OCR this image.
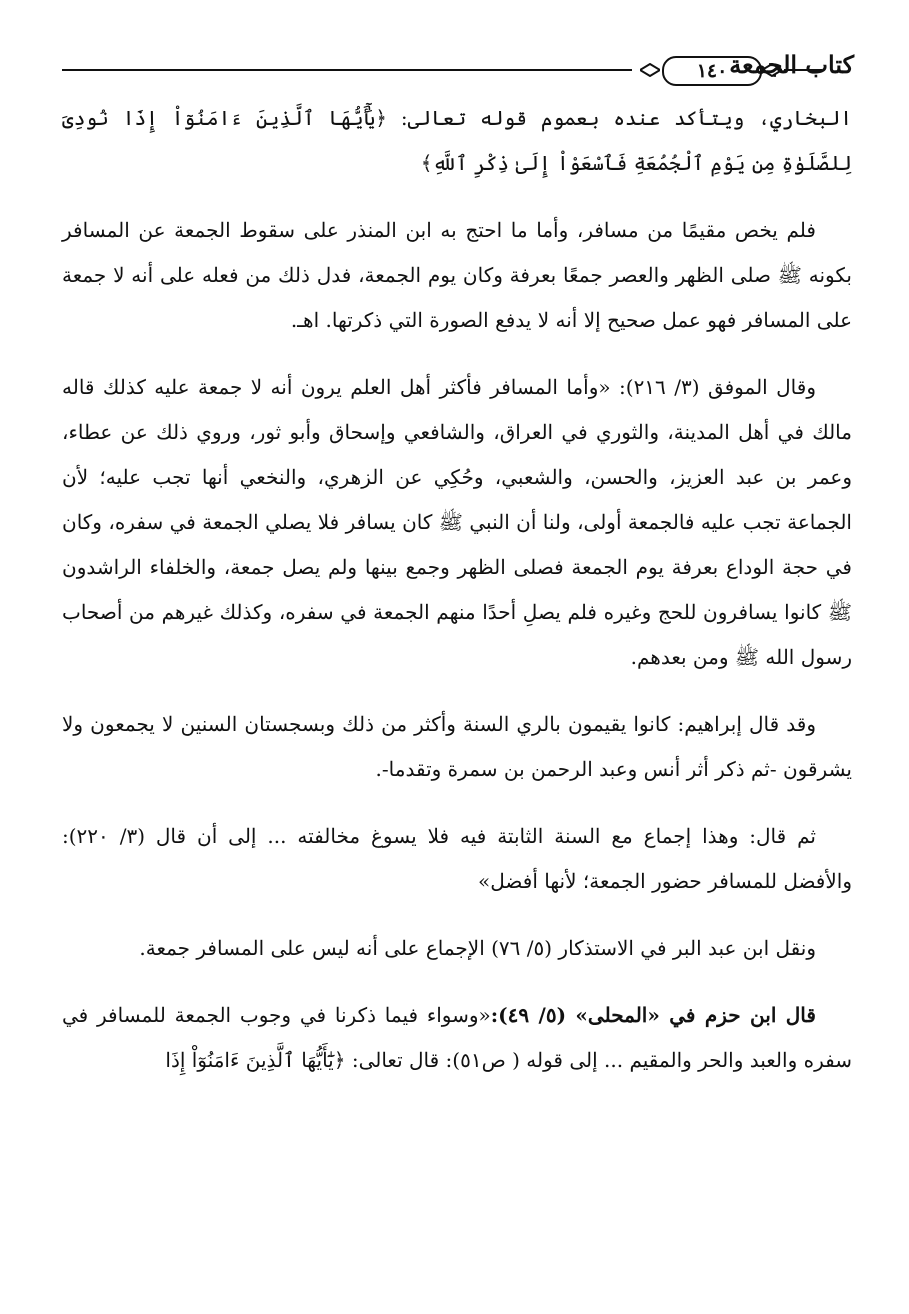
١٤٠ كتاب الجمعة

البخاري، ويتأكد عنده بعموم قوله تعالى: ﴿يَٰٓأَيُّهَا ٱلَّذِينَ ءَامَنُوٓاْ إِذَا نُودِىَ لِلصَّلَوٰةِ مِن يَوْمِ ٱلْجُمُعَةِ فَٱسْعَوْاْ إِلَىٰ ذِكْرِ ٱللَّهِ﴾

فلم يخص مقيمًا من مسافر، وأما ما احتج به ابن المنذر على سقوط الجمعة عن المسافر بكونه ﷺ صلى الظهر والعصر جمعًا بعرفة وكان يوم الجمعة، فدل ذلك من فعله على أنه لا جمعة على المسافر فهو عمل صحيح إلا أنه لا يدفع الصورة التي ذكرتها. اهـ.

وقال الموفق (٣/ ٢١٦): «وأما المسافر فأكثر أهل العلم يرون أنه لا جمعة عليه كذلك قاله مالك في أهل المدينة، والثوري في العراق، والشافعي وإسحاق وأبو ثور، وروي ذلك عن عطاء، وعمر بن عبد العزيز، والحسن، والشعبي، وحُكِي عن الزهري، والنخعي أنها تجب عليه؛ لأن الجماعة تجب عليه فالجمعة أولى، ولنا أن النبي ﷺ كان يسافر فلا يصلي الجمعة في سفره، وكان في حجة الوداع بعرفة يوم الجمعة فصلى الظهر وجمع بينها ولم يصل جمعة، والخلفاء الراشدون ﷺ كانوا يسافرون للحج وغيره فلم يصلِ أحدًا منهم الجمعة في سفره، وكذلك غيرهم من أصحاب رسول الله ﷺ ومن بعدهم.

وقد قال إبراهيم: كانوا يقيمون بالري السنة وأكثر من ذلك وبسجستان السنين لا يجمعون ولا يشرقون -ثم ذكر أثر أنس وعبد الرحمن بن سمرة وتقدما-.

ثم قال: وهذا إجماع مع السنة الثابتة فيه فلا يسوغ مخالفته ... إلى أن قال (٣/ ٢٢٠): والأفضل للمسافر حضور الجمعة؛ لأنها أفضل»

ونقل ابن عبد البر في الاستذكار (٥/ ٧٦) الإجماع على أنه ليس على المسافر جمعة.

قال ابن حزم في «المحلى» (٥/ ٤٩):«وسواء فيما ذكرنا في وجوب الجمعة للمسافر في سفره والعبد والحر والمقيم ... إلى قوله ( ص٥١): قال تعالى: ﴿يَٰٓأَيُّهَا ٱلَّذِينَ ءَامَنُوٓاْ إِذَا
